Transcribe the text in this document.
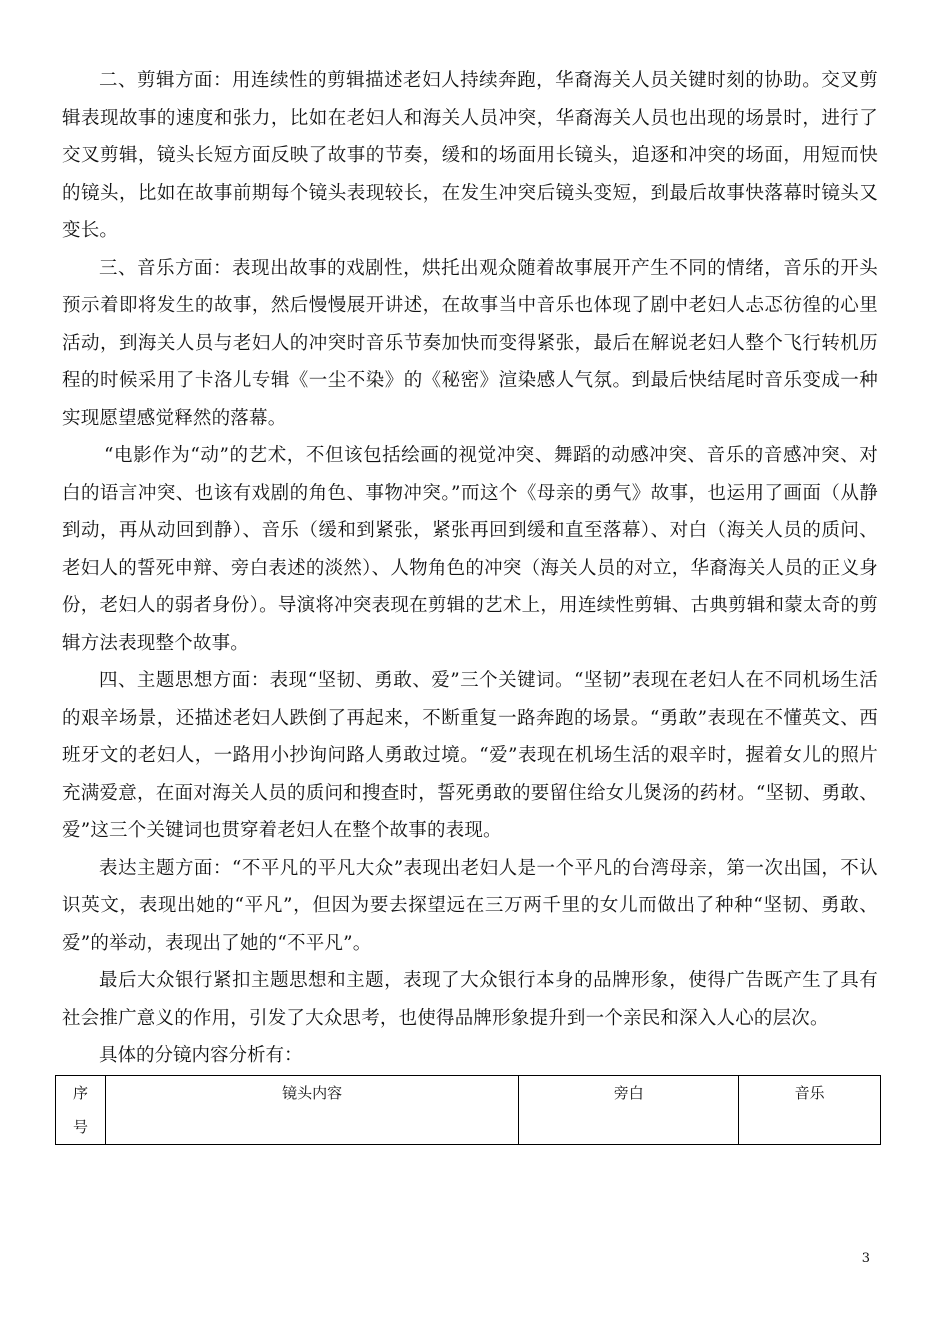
二、剪辑方面：用连续性的剪辑描述老妇人持续奔跑，华裔海关人员关键时刻的协助。交叉剪辑表现故事的速度和张力，比如在老妇人和海关人员冲突，华裔海关人员也出现的场景时，进行了交叉剪辑，镜头长短方面反映了故事的节奏，缓和的场面用长镜头，追逐和冲突的场面，用短而快的镜头，比如在故事前期每个镜头表现较长，在发生冲突后镜头变短，到最后故事快落幕时镜头又变长。

三、音乐方面：表现出故事的戏剧性，烘托出观众随着故事展开产生不同的情绪，音乐的开头预示着即将发生的故事，然后慢慢展开讲述，在故事当中音乐也体现了剧中老妇人忐忑彷徨的心里活动，到海关人员与老妇人的冲突时音乐节奏加快而变得紧张，最后在解说老妇人整个飞行转机历程的时候采用了卡洛儿专辑《一尘不染》的《秘密》渲染感人气氛。到最后快结尾时音乐变成一种实现愿望感觉释然的落幕。

“电影作为“动”的艺术，不但该包括绘画的视觉冲突、舞蹈的动感冲突、音乐的音感冲突、对白的语言冲突、也该有戏剧的角色、事物冲突。”而这个《母亲的勇气》故事，也运用了画面（从静到动，再从动回到静）、音乐（缓和到紧张，紧张再回到缓和直至落幕）、对白（海关人员的质问、老妇人的誓死申辩、旁白表述的淡然）、人物角色的冲突（海关人员的对立，华裔海关人员的正义身份，老妇人的弱者身份）。导演将冲突表现在剪辑的艺术上，用连续性剪辑、古典剪辑和蒙太奇的剪辑方法表现整个故事。

四、主题思想方面：表现“坚韧、勇敢、爱”三个关键词。“坚韧”表现在老妇人在不同机场生活的艰辛场景，还描述老妇人跌倒了再起来，不断重复一路奔跑的场景。“勇敢”表现在不懂英文、西班牙文的老妇人，一路用小抄询问路人勇敢过境。“爱”表现在机场生活的艰辛时，握着女儿的照片充满爱意，在面对海关人员的质问和搜查时，誓死勇敢的要留住给女儿煲汤的药材。“坚韧、勇敢、爱”这三个关键词也贯穿着老妇人在整个故事的表现。

表达主题方面：“不平凡的平凡大众”表现出老妇人是一个平凡的台湾母亲，第一次出国，不认识英文，表现出她的“平凡”，但因为要去探望远在三万两千里的女儿而做出了种种“坚韧、勇敢、爱”的举动，表现出了她的“不平凡”。

最后大众银行紧扣主题思想和主题，表现了大众银行本身的品牌形象，使得广告既产生了具有社会推广意义的作用，引发了大众思考，也使得品牌形象提升到一个亲民和深入人心的层次。

具体的分镜内容分析有：

序
号	镜头内容	旁白	音乐
3
